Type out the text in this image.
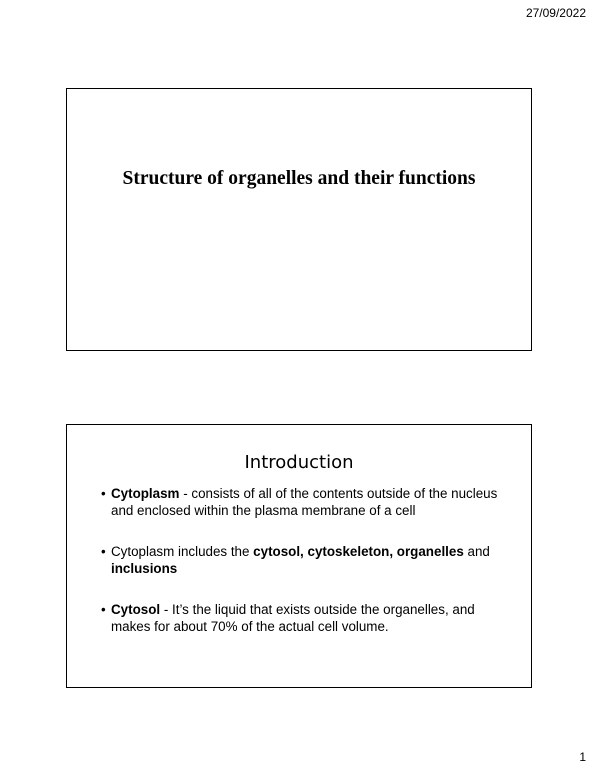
27/09/2022
Structure of organelles and their functions
Introduction
• Cytoplasm - consists of all of the contents outside of the nucleus and enclosed within the plasma membrane of a cell
• Cytoplasm includes the cytosol, cytoskeleton, organelles and inclusions
• Cytosol - It’s the liquid that exists outside the organelles, and makes for about 70% of the actual cell volume.
1
